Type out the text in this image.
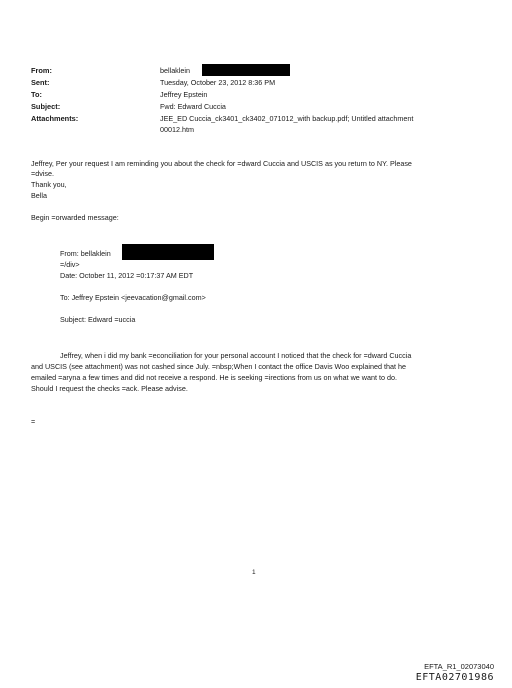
From:
Sent:
To:
Subject:
Attachments:
bellaklein
Tuesday, October 23, 2012 8:36 PM
Jeffrey Epstein
Fwd: Edward Cuccia
JEE_ED Cuccia_ck3401_ck3402_071012_with backup.pdf; Untitled attachment
00012.htm
Jeffrey, Per your request I am reminding you about the check for =dward Cuccia and USCIS as you return to NY. Please
=dvise.
Thank you,
Bella
Begin =orwarded message:
From: bellaklein
=/div>
Date: October 11, 2012 =0:17:37 AM EDT
To: Jeffrey Epstein <jeevacation@gmail.com>
Subject: Edward =uccia
Jeffrey, when i did my bank =econciliation for your personal account I noticed that the check for =dward Cuccia
and USCIS (see attachment) was not cashed since July. =nbsp;When I contact the office Davis Woo explained that he
emailed =aryna a few times and did not receive a respond. He is seeking =irections from us on what we want to do.
Should I request the checks =ack. Please advise.
=
1
EFTA_R1_02073040
EFTA02701986
